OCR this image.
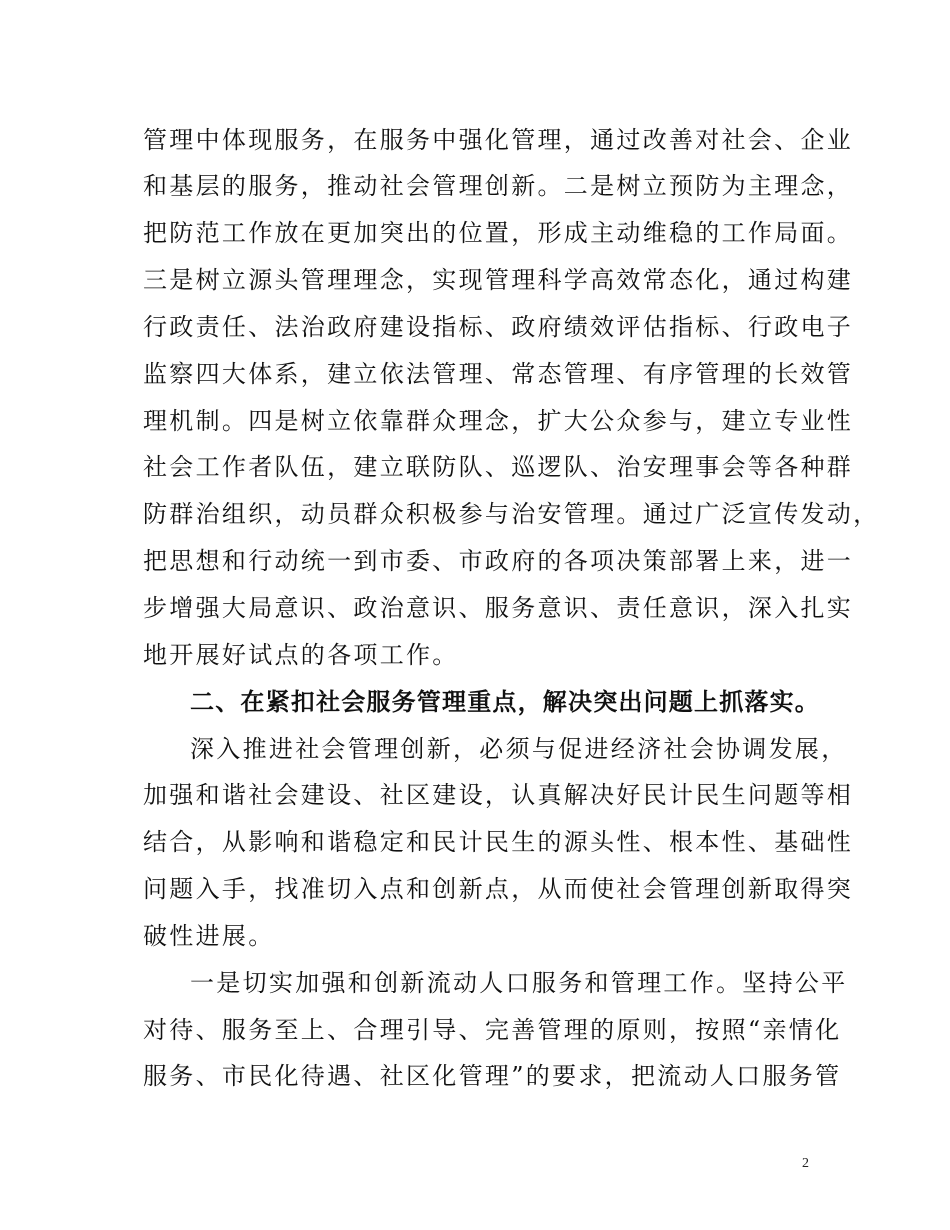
管理中体现服务，在服务中强化管理，通过改善对社会、企业
和基层的服务，推动社会管理创新。二是树立预防为主理念，
把防范工作放在更加突出的位置，形成主动维稳的工作局面。
三是树立源头管理理念，实现管理科学高效常态化，通过构建
行政责任、法治政府建设指标、政府绩效评估指标、行政电子
监察四大体系，建立依法管理、常态管理、有序管理的长效管
理机制。四是树立依靠群众理念，扩大公众参与，建立专业性
社会工作者队伍，建立联防队、巡逻队、治安理事会等各种群
防群治组织，动员群众积极参与治安管理。通过广泛宣传发动，
把思想和行动统一到市委、市政府的各项决策部署上来，进一
步增强大局意识、政治意识、服务意识、责任意识，深入扎实
地开展好试点的各项工作。
二、在紧扣社会服务管理重点，解决突出问题上抓落实。
深入推进社会管理创新，必须与促进经济社会协调发展，
加强和谐社会建设、社区建设，认真解决好民计民生问题等相
结合，从影响和谐稳定和民计民生的源头性、根本性、基础性
问题入手，找准切入点和创新点，从而使社会管理创新取得突
破性进展。
一是切实加强和创新流动人口服务和管理工作。坚持公平
对待、服务至上、合理引导、完善管理的原则，按照“亲情化
服务、市民化待遇、社区化管理”的要求，把流动人口服务管
2
